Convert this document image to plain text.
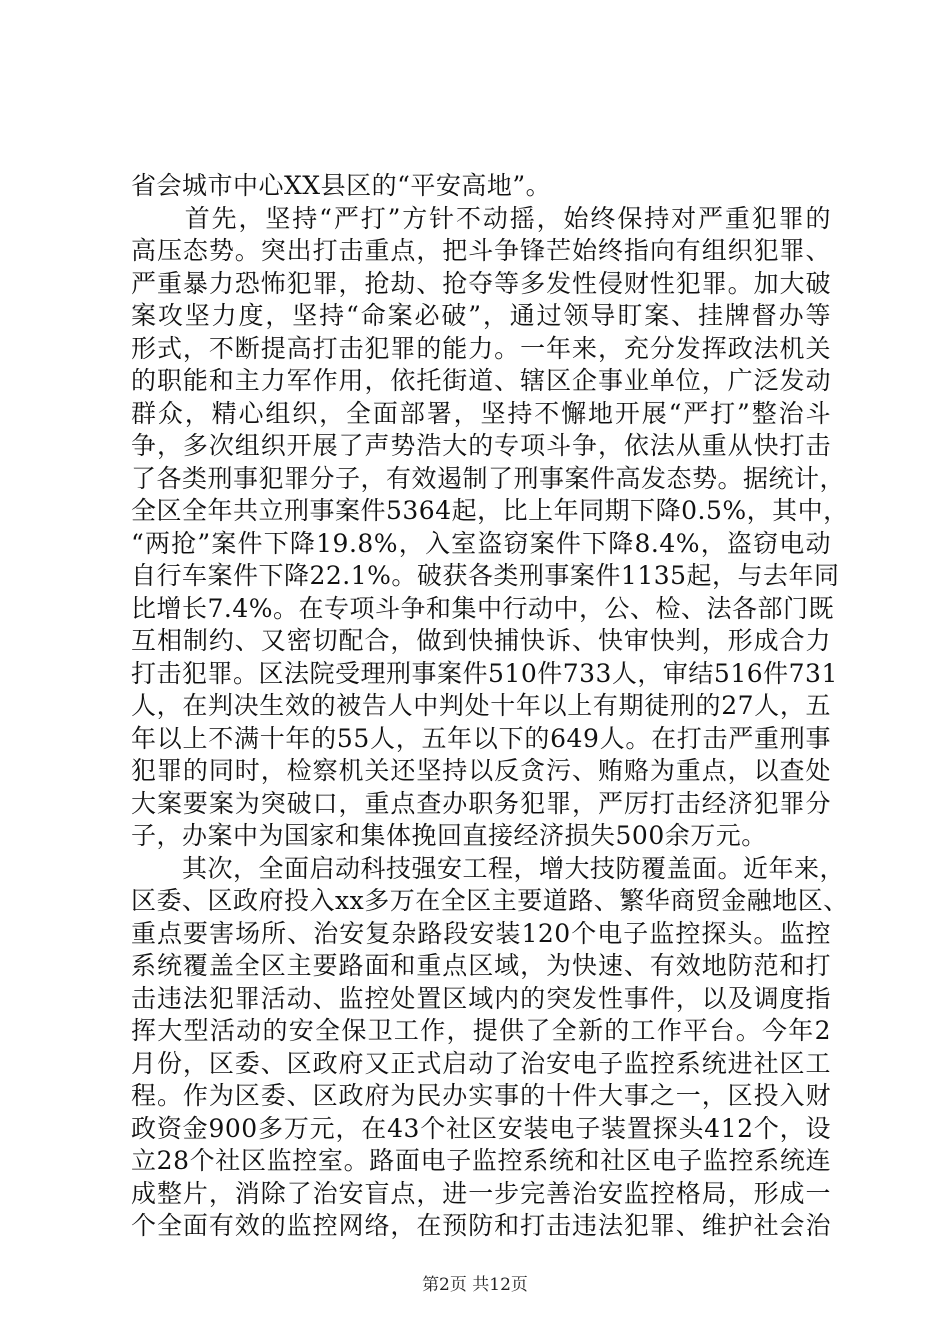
省会城市中心XX县区的“平安高地”。
　　首先，坚持“严打”方针不动摇，始终保持对严重犯罪的
高压态势。突出打击重点，把斗争锋芒始终指向有组织犯罪、
严重暴力恐怖犯罪，抢劫、抢夺等多发性侵财性犯罪。加大破
案攻坚力度，坚持“命案必破”，通过领导盯案、挂牌督办等
形式，不断提高打击犯罪的能力。一年来，充分发挥政法机关
的职能和主力军作用，依托街道、辖区企事业单位，广泛发动
群众，精心组织，全面部署，坚持不懈地开展“严打”整治斗
争，多次组织开展了声势浩大的专项斗争，依法从重从快打击
了各类刑事犯罪分子，有效遏制了刑事案件高发态势。据统计，
全区全年共立刑事案件5364起，比上年同期下降0.5%，其中，
“两抢”案件下降19.8%，入室盗窃案件下降8.4%，盗窃电动
自行车案件下降22.1%。破获各类刑事案件1135起，与去年同
比增长7.4%。在专项斗争和集中行动中，公、检、法各部门既
互相制约、又密切配合，做到快捕快诉、快审快判，形成合力
打击犯罪。区法院受理刑事案件510件733人，审结516件731
人，在判决生效的被告人中判处十年以上有期徒刑的27人，五
年以上不满十年的55人，五年以下的649人。在打击严重刑事
犯罪的同时，检察机关还坚持以反贪污、贿赂为重点，以查处
大案要案为突破口，重点查办职务犯罪，严厉打击经济犯罪分
子，办案中为国家和集体挽回直接经济损失500余万元。
　　其次，全面启动科技强安工程，增大技防覆盖面。近年来，
区委、区政府投入xx多万在全区主要道路、繁华商贸金融地区、
重点要害场所、治安复杂路段安装120个电子监控探头。监控
系统覆盖全区主要路面和重点区域，为快速、有效地防范和打
击违法犯罪活动、监控处置区域内的突发性事件，以及调度指
挥大型活动的安全保卫工作，提供了全新的工作平台。今年2
月份，区委、区政府又正式启动了治安电子监控系统进社区工
程。作为区委、区政府为民办实事的十件大事之一，区投入财
政资金900多万元，在43个社区安装电子装置探头412个，设
立28个社区监控室。路面电子监控系统和社区电子监控系统连
成整片，消除了治安盲点，进一步完善治安监控格局，形成一
个全面有效的监控网络，在预防和打击违法犯罪、维护社会治
第2页 共12页
